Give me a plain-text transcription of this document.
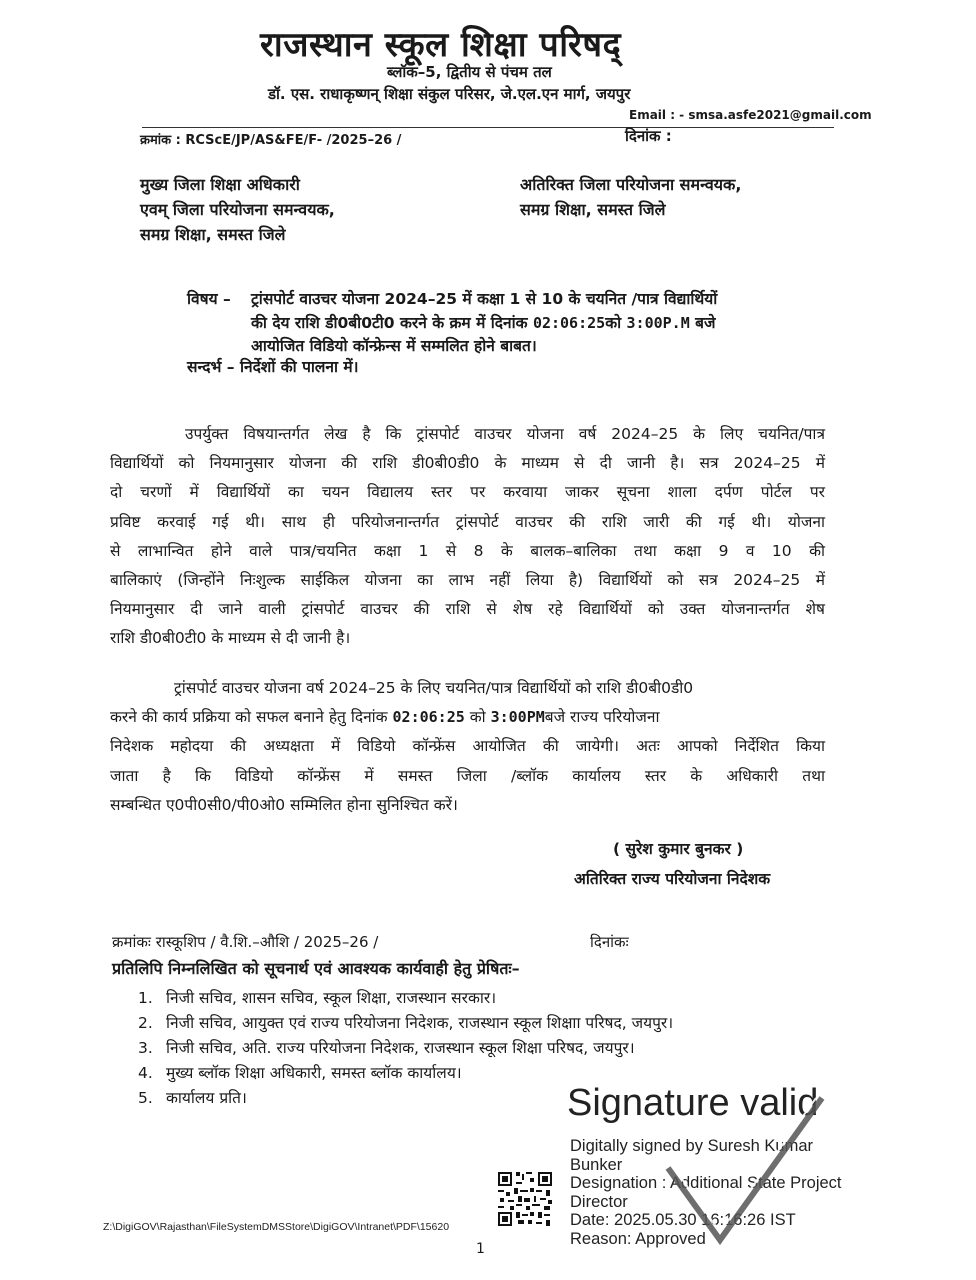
राजस्थान स्कूल शिक्षा परिषद्
ब्लॉक–5, द्वितीय से पंचम तल
डॉ. एस. राधाकृष्णन् शिक्षा संकुल परिसर, जे.एल.एन मार्ग, जयपुर
Email : - smsa.asfe2021@gmail.com
क्रमांक : RCScE/JP/AS&FE/F- /2025–26 /	दिनांक :
मुख्य जिला शिक्षा अधिकारी
एवम् जिला परियोजना समन्वयक,
समग्र शिक्षा, समस्त जिले
अतिरिक्त जिला परियोजना समन्वयक,
समग्र शिक्षा, समस्त जिले
विषय – ट्रांसपोर्ट वाउचर योजना 2024–25 में कक्षा 1 से 10 के चयनित /पात्र विद्यार्थियों
की देय राशि डी0बी0टी0 करने के क्रम में दिनांक 02:06:25को 3:00P.M बजे
आयोजित विडियो कॉन्फ्रेन्स में सम्मलित होने बाबत।
सन्दर्भ – निर्देशों की पालना में।
उपर्युक्त विषयान्तर्गत लेख है कि ट्रांसपोर्ट वाउचर योजना वर्ष 2024–25 के लिए चयनित/पात्र
विद्यार्थियों को नियमानुसार योजना की राशि डी0बी0डी0 के माध्यम से दी जानी है। सत्र 2024–25 में
दो चरणों में विद्यार्थियों का चयन विद्यालय स्तर पर करवाया जाकर सूचना शाला दर्पण पोर्टल पर
प्रविष्ट करवाई गई थी। साथ ही परियोजनान्तर्गत ट्रांसपोर्ट वाउचर की राशि जारी की गई थी। योजना
से लाभान्वित होने वाले पात्र/चयनित कक्षा 1 से 8 के बालक–बालिका तथा कक्षा 9 व 10 की
बालिकाएं (जिन्होंने निःशुल्क साईकिल योजना का लाभ नहीं लिया है) विद्यार्थियों को सत्र 2024–25 में
नियमानुसार दी जाने वाली ट्रांसपोर्ट वाउचर की राशि से शेष रहे विद्यार्थियों को उक्त योजनान्तर्गत शेष
राशि डी0बी0टी0 के माध्यम से दी जानी है।
ट्रांसपोर्ट वाउचर योजना वर्ष 2024–25 के लिए चयनित/पात्र विद्यार्थियों को राशि डी0बी0डी0
करने की कार्य प्रक्रिया को सफल बनाने हेतु दिनांक 02:06:25 को 3:00PMबजे राज्य परियोजना
निदेशक महोदया की अध्यक्षता में विडियो कॉन्फ्रेंस आयोजित की जायेगी। अतः आपको निर्देशित किया
जाता है कि विडियो कॉन्फ्रेंस में समस्त जिला /ब्लॉक कार्यालय स्तर के अधिकारी तथा
सम्बन्धित ए0पी0सी0/पी0ओ0 सम्मिलित होना सुनिश्चित करें।
( सुरेश कुमार बुनकर )
अतिरिक्त राज्य परियोजना निदेशक
क्रमांकः रास्कूशिप / वै.शि.–औशि / 2025–26 /	दिनांकः
प्रतिलिपि निम्नलिखित को सूचनार्थ एवं आवश्यक कार्यवाही हेतु प्रेषितः–
1. निजी सचिव, शासन सचिव, स्कूल शिक्षा, राजस्थान सरकार।
2. निजी सचिव, आयुक्त एवं राज्य परियोजना निदेशक, राजस्थान स्कूल शिक्षाा परिषद, जयपुर।
3. निजी सचिव, अति. राज्य परियोजना निदेशक, राजस्थान स्कूल शिक्षा परिषद, जयपुर।
4. मुख्य ब्लॉक शिक्षा अधिकारी, समस्त ब्लॉक कार्यालय।
5. कार्यालय प्रति।	Signature valid
Digitally signed by Suresh Kumar
Bunker
Designation : Additional State Project
Director
Date: 2025.05.30 16:16:26 IST
Reason: Approved
Z:\DigiGOV\Rajasthan\FileSystemDMSStore\DigiGOV\Intranet\PDF\15620
1
